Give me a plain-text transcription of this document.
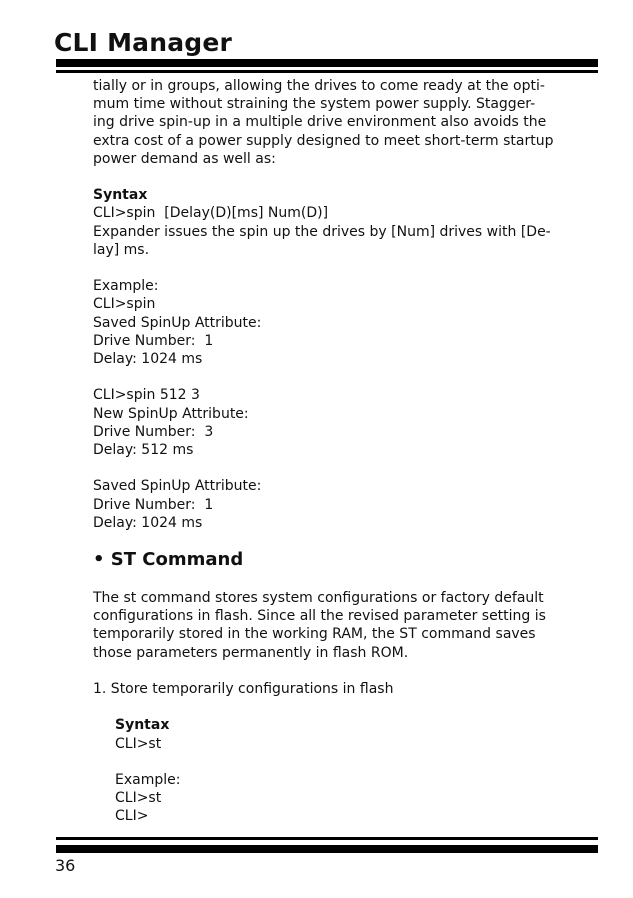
CLI Manager

tially or in groups, allowing the drives to come ready at the opti-

mum time without straining the system power supply. Stagger-

ing drive spin-up in a multiple drive environment also avoids the

extra cost of a power supply designed to meet short-term startup

power demand as well as:

Syntax

CLI>spin  [Delay(D)[ms] Num(D)]

Expander issues the spin up the drives by [Num] drives with [De-

lay] ms.

Example:

CLI>spin

Saved SpinUp Attribute:

Drive Number:  1

Delay: 1024 ms

CLI>spin 512 3

New SpinUp Attribute:

Drive Number:  3

Delay: 512 ms

Saved SpinUp Attribute:

Drive Number:  1

Delay: 1024 ms

• ST Command

The st command stores system configurations or factory default

configurations in flash. Since all the revised parameter setting is

temporarily stored in the working RAM, the ST command saves

those parameters permanently in flash ROM.

1. Store temporarily configurations in flash

Syntax

CLI>st

Example:

CLI>st

CLI>

36
